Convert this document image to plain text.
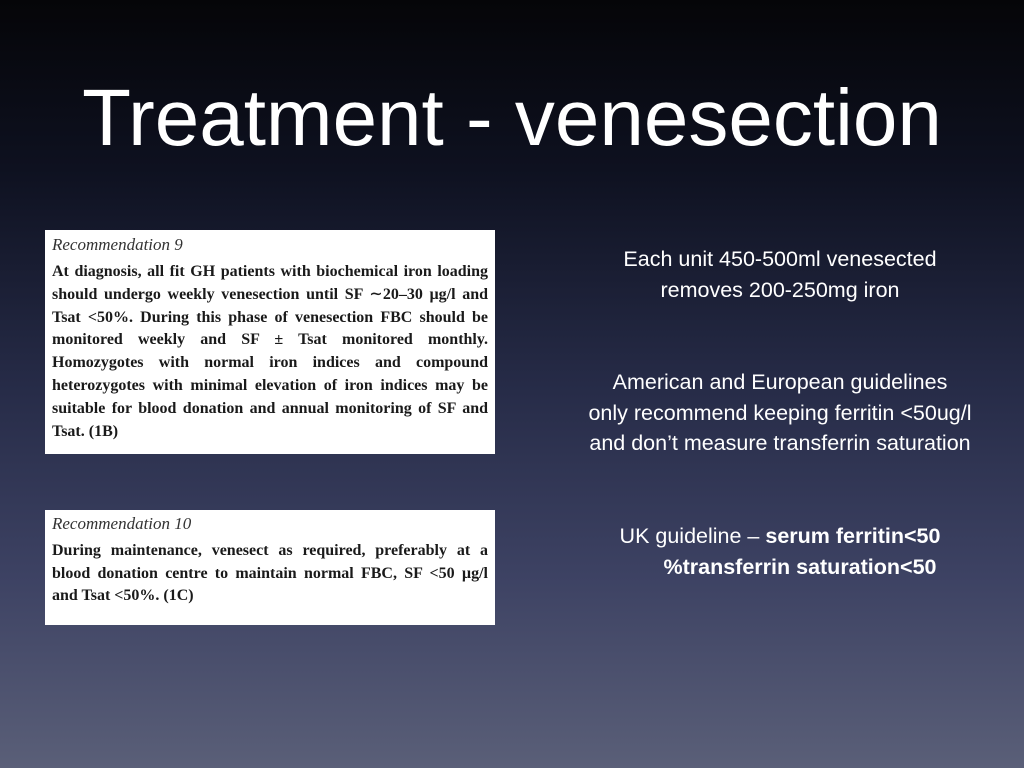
Treatment - venesection

Recommendation 9

At diagnosis, all fit GH patients with biochemical iron loading should undergo weekly venesection until SF ∼20–30 µg/l and Tsat <50%. During this phase of venesection FBC should be monitored weekly and SF ± Tsat monitored monthly. Homozygotes with normal iron indices and compound heterozygotes with minimal elevation of iron indices may be suitable for blood donation and annual monitoring of SF and Tsat. (1B)

Recommendation 10

During maintenance, venesect as required, preferably at a blood donation centre to maintain normal FBC, SF <50 µg/l and Tsat <50%. (1C)

Each unit 450-500ml venesected
removes 200-250mg iron

American and European guidelines
only recommend keeping ferritin <50ug/l
and don’t measure transferrin saturation

UK guideline – serum ferritin<50
%transferrin saturation<50
